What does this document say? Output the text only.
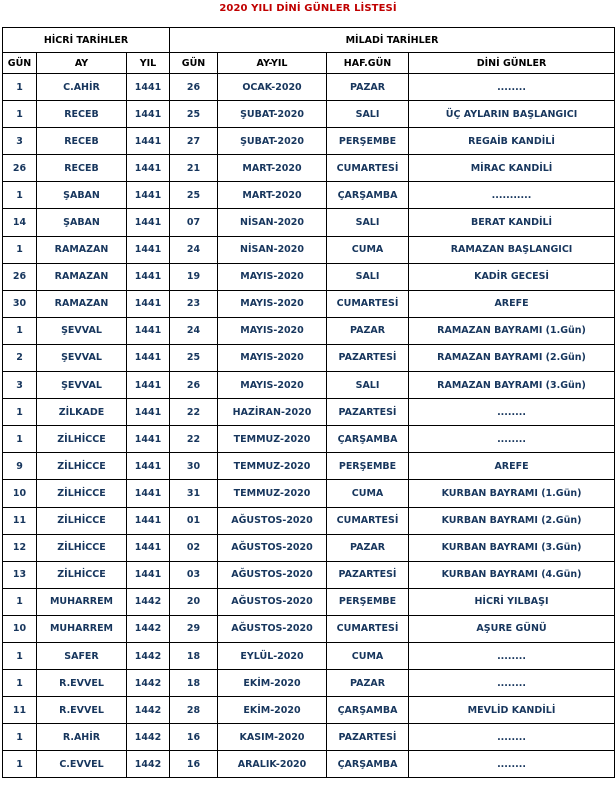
2020 YILI DİNİ GÜNLER LİSTESİ
HİCRİ TARİHLER			MİLADİ TARİHLER			
GÜN	AY	YIL	GÜN	AY-YIL	HAF.GÜN	DİNİ GÜNLER
1	C.AHİR	1441	26	OCAK-2020	PAZAR	........
1	RECEB	1441	25	ŞUBAT-2020	SALI	ÜÇ AYLARIN BAŞLANGICI
3	RECEB	1441	27	ŞUBAT-2020	PERŞEMBE	REGAİB KANDİLİ
26	RECEB	1441	21	MART-2020	CUMARTESİ	MİRAC KANDİLİ
1	ŞABAN	1441	25	MART-2020	ÇARŞAMBA	...........
14	ŞABAN	1441	07	NİSAN-2020	SALI	BERAT KANDİLİ
1	RAMAZAN	1441	24	NİSAN-2020	CUMA	RAMAZAN BAŞLANGICI
26	RAMAZAN	1441	19	MAYIS-2020	SALI	KADİR GECESİ
30	RAMAZAN	1441	23	MAYIS-2020	CUMARTESİ	AREFE
1	ŞEVVAL	1441	24	MAYIS-2020	PAZAR	RAMAZAN BAYRAMI (1.Gün)
2	ŞEVVAL	1441	25	MAYIS-2020	PAZARTESİ	RAMAZAN BAYRAMI (2.Gün)
3	ŞEVVAL	1441	26	MAYIS-2020	SALI	RAMAZAN BAYRAMI (3.Gün)
1	ZİLKADE	1441	22	HAZİRAN-2020	PAZARTESİ	........
1	ZİLHİCCE	1441	22	TEMMUZ-2020	ÇARŞAMBA	........
9	ZİLHİCCE	1441	30	TEMMUZ-2020	PERŞEMBE	AREFE
10	ZİLHİCCE	1441	31	TEMMUZ-2020	CUMA	KURBAN BAYRAMI (1.Gün)
11	ZİLHİCCE	1441	01	AĞUSTOS-2020	CUMARTESİ	KURBAN BAYRAMI (2.Gün)
12	ZİLHİCCE	1441	02	AĞUSTOS-2020	PAZAR	KURBAN BAYRAMI (3.Gün)
13	ZİLHİCCE	1441	03	AĞUSTOS-2020	PAZARTESİ	KURBAN BAYRAMI (4.Gün)
1	MUHARREM	1442	20	AĞUSTOS-2020	PERŞEMBE	HİCRİ YILBAŞI
10	MUHARREM	1442	29	AĞUSTOS-2020	CUMARTESİ	AŞURE GÜNÜ
1	SAFER	1442	18	EYLÜL-2020	CUMA	........
1	R.EVVEL	1442	18	EKİM-2020	PAZAR	........
11	R.EVVEL	1442	28	EKİM-2020	ÇARŞAMBA	MEVLİD KANDİLİ
1	R.AHİR	1442	16	KASIM-2020	PAZARTESİ	........
1	C.EVVEL	1442	16	ARALIK-2020	ÇARŞAMBA	........
